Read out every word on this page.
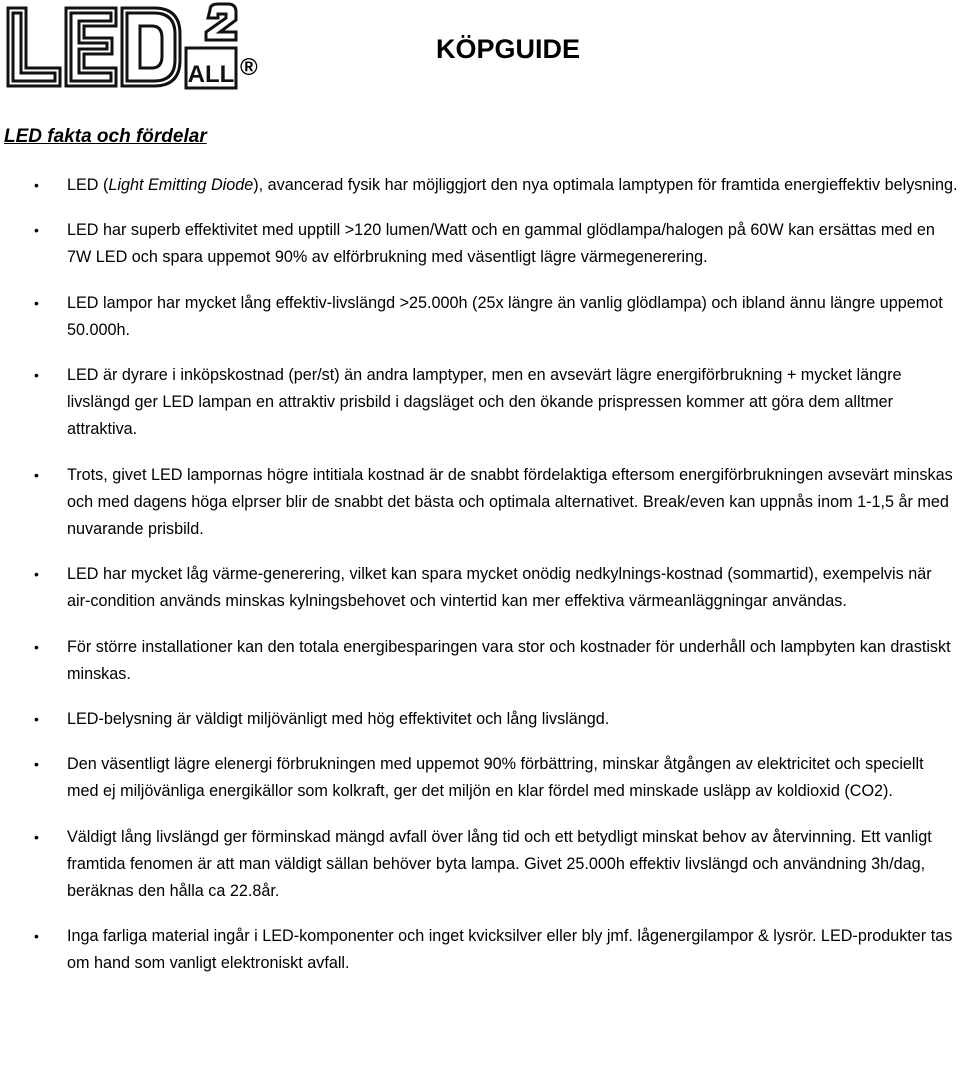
ALL ®
KÖPGUIDE
LED fakta och fördelar
• LED (Light Emitting Diode), avancerad fysik har möjliggjort den nya optimala lamptypen för framtida energieffektiv belysning.
• LED har superb effektivitet med upptill >120 lumen/Watt och en gammal glödlampa/halogen på 60W kan ersättas med en 7W LED och spara uppemot 90% av elförbrukning med väsentligt lägre värmegenerering.
• LED lampor har mycket lång effektiv-livslängd >25.000h (25x längre än vanlig glödlampa) och ibland ännu längre uppemot 50.000h.
• LED är dyrare i inköpskostnad (per/st) än andra lamptyper, men en avsevärt lägre energiförbrukning + mycket längre livslängd ger LED lampan en attraktiv prisbild i dagsläget och den ökande prispressen kommer att göra dem alltmer attraktiva.
• Trots, givet LED lampornas högre intitiala kostnad är de snabbt fördelaktiga eftersom energiförbrukningen avsevärt minskas och med dagens höga elprser blir de snabbt det bästa och optimala alternativet. Break/even kan uppnås inom 1-1,5 år med nuvarande prisbild.
• LED har mycket låg värme-generering, vilket kan spara mycket onödig nedkylnings-kostnad (sommartid), exempelvis när air-condition används minskas kylningsbehovet och vintertid kan mer effektiva värmeanläggningar användas.
• För större installationer kan den totala energibesparingen vara stor och kostnader för underhåll och lampbyten kan drastiskt minskas.
• LED-belysning är väldigt miljövänligt med hög effektivitet och lång livslängd.
• Den väsentligt lägre elenergi förbrukningen med uppemot 90% förbättring, minskar åtgången av elektricitet och speciellt med ej miljövänliga energikällor som kolkraft, ger det miljön en klar fördel med minskade usläpp av koldioxid (CO2).
• Väldigt lång livslängd ger förminskad mängd avfall över lång tid och ett betydligt minskat behov av återvinning. Ett vanligt framtida fenomen är att man väldigt sällan behöver byta lampa. Givet 25.000h effektiv livslängd och användning 3h/dag, beräknas den hålla ca 22.8år.
• Inga farliga material ingår i LED-komponenter och inget kvicksilver eller bly jmf. lågenergilampor & lysrör. LED-produkter tas om hand som vanligt elektroniskt avfall.
